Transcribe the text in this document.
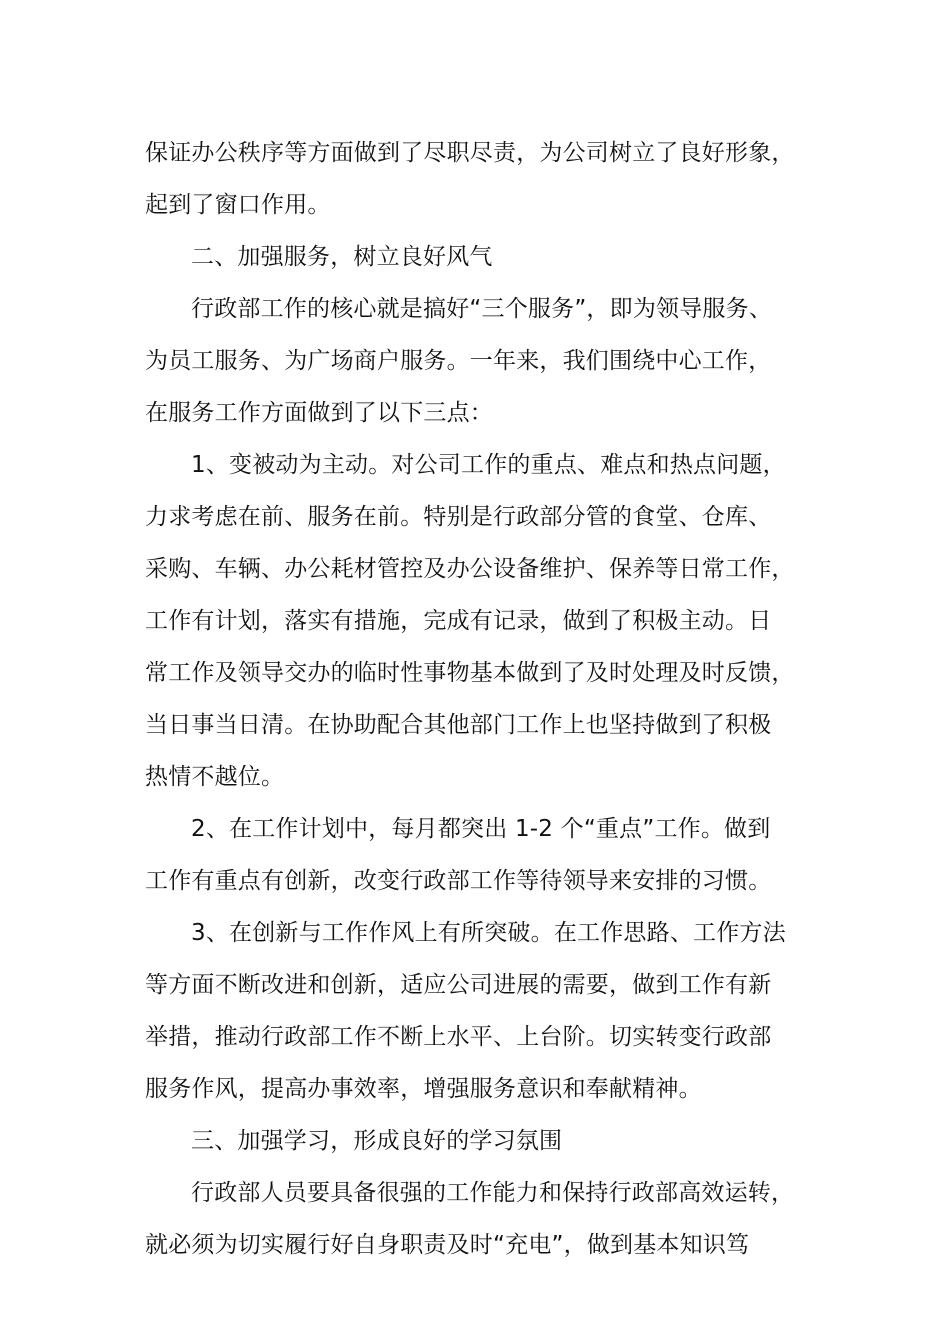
保证办公秩序等方面做到了尽职尽责，为公司树立了良好形象，
起到了窗口作用。
二、加强服务，树立良好风气
行政部工作的核心就是搞好“三个服务”，即为领导服务、
为员工服务、为广场商户服务。一年来，我们围绕中心工作，
在服务工作方面做到了以下三点：
1、变被动为主动。对公司工作的重点、难点和热点问题，
力求考虑在前、服务在前。特别是行政部分管的食堂、仓库、
采购、车辆、办公耗材管控及办公设备维护、保养等日常工作，
工作有计划，落实有措施，完成有记录，做到了积极主动。日
常工作及领导交办的临时性事物基本做到了及时处理及时反馈，
当日事当日清。在协助配合其他部门工作上也坚持做到了积极
热情不越位。
2、在工作计划中，每月都突出 1-2 个“重点”工作。做到
工作有重点有创新，改变行政部工作等待领导来安排的习惯。
3、在创新与工作作风上有所突破。在工作思路、工作方法
等方面不断改进和创新，适应公司进展的需要，做到工作有新
举措，推动行政部工作不断上水平、上台阶。切实转变行政部
服务作风，提高办事效率，增强服务意识和奉献精神。
三、加强学习，形成良好的学习氛围
行政部人员要具备很强的工作能力和保持行政部高效运转，
就必须为切实履行好自身职责及时“充电”，做到基本知识笃
